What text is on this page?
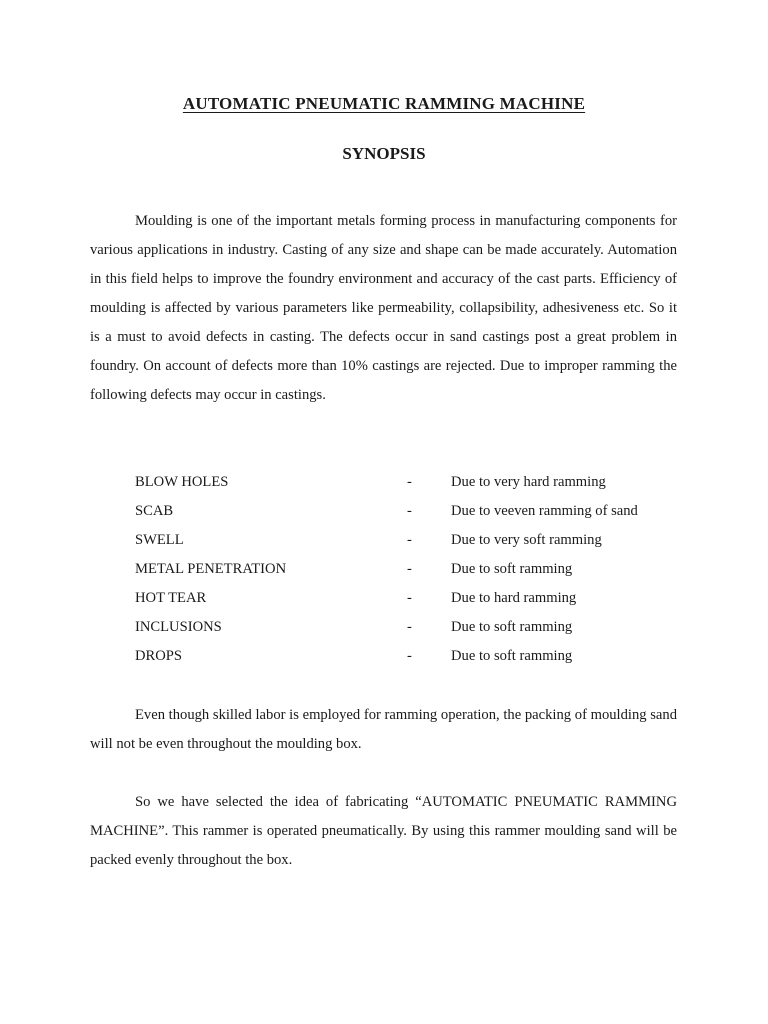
AUTOMATIC PNEUMATIC RAMMING MACHINE
SYNOPSIS

Moulding is one of the important metals forming process in manufacturing components for various applications in industry. Casting of any size and shape can be made accurately. Automation in this field helps to improve the foundry environment and accuracy of the cast parts. Efficiency of moulding is affected by various parameters like permeability, collapsibility, adhesiveness etc. So it is a must to avoid defects in casting. The defects occur in sand castings post a great problem in foundry. On account of defects more than 10% castings are rejected. Due to improper ramming the following defects may occur in castings.

BLOW HOLES	-	Due to very hard ramming
SCAB	-	Due to veeven ramming of sand
SWELL	-	Due to very soft ramming
METAL PENETRATION	-	Due to soft ramming
HOT TEAR	-	Due to hard ramming
INCLUSIONS	-	Due to soft ramming
DROPS	-	Due to soft ramming

Even though skilled labor is employed for ramming operation, the packing of moulding sand will not be even throughout the moulding box.

So we have selected the idea of fabricating “AUTOMATIC PNEUMATIC RAMMING MACHINE”. This rammer is operated pneumatically. By using this rammer moulding sand will be packed evenly throughout the box.
